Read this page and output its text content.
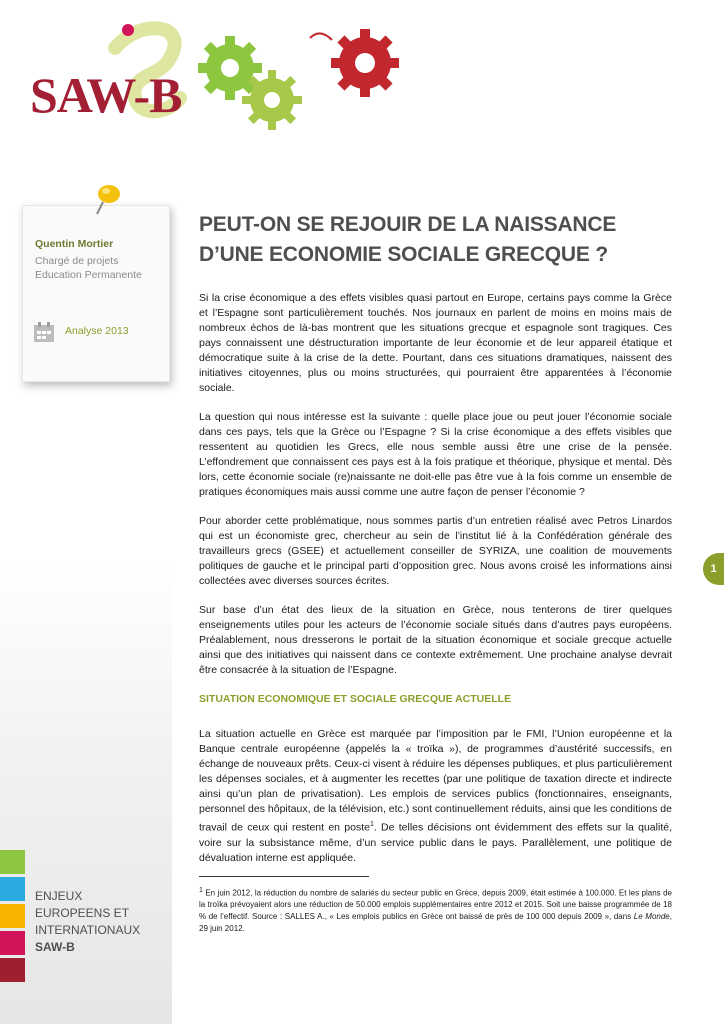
SAW-B
Quentin Mortier
Chargé de projets
Education Permanente
Analyse 2013
PEUT-ON SE REJOUIR DE LA NAISSANCE
D’UNE ECONOMIE SOCIALE GRECQUE ?

Si la crise économique a des effets visibles quasi partout en Europe, certains pays comme la Grèce et l’Espagne sont particulièrement touchés. Nos journaux en parlent de moins en moins mais de nombreux échos de là-bas montrent que les situations grecque et espagnole sont tragiques. Ces pays connaissent une déstructuration importante de leur économie et de leur appareil étatique et démocratique suite à la crise de la dette. Pourtant, dans ces situations dramatiques, naissent des initiatives citoyennes, plus ou moins structurées, qui pourraient être apparentées à l’économie sociale.

La question qui nous intéresse est la suivante : quelle place joue ou peut jouer l’économie sociale dans ces pays, tels que la Grèce ou l’Espagne ? Si la crise économique a des effets visibles que ressentent au quotidien les Grecs, elle nous semble aussi être une crise de la pensée. L’effondrement que connaissent ces pays est à la fois pratique et théorique, physique et mental. Dès lors, cette économie sociale (re)naissante ne doit-elle pas être vue à la fois comme un ensemble de pratiques économiques mais aussi comme une autre façon de penser l’économie ?

Pour aborder cette problématique, nous sommes partis d’un entretien réalisé avec Petros Linardos qui est un économiste grec, chercheur au sein de l’institut lié à la Confédération générale des travailleurs grecs (GSEE) et actuellement conseiller de SYRIZA, une coalition de mouvements politiques de gauche et le principal parti d’opposition grec. Nous avons croisé les informations ainsi collectées avec diverses sources écrites.

Sur base d’un état des lieux de la situation en Grèce, nous tenterons de tirer quelques enseignements utiles pour les acteurs de l’économie sociale situés dans d’autres pays européens. Préalablement, nous dresserons le portait de la situation économique et sociale grecque actuelle ainsi que des initiatives qui naissent dans ce contexte extrêmement. Une prochaine analyse devrait être consacrée à la situation de l’Espagne.

SITUATION ECONOMIQUE ET SOCIALE GRECQUE ACTUELLE

La situation actuelle en Grèce est marquée par l’imposition par le FMI, l’Union européenne et la Banque centrale européenne (appelés la « troïka »), de programmes d’austérité successifs, en échange de nouveaux prêts. Ceux-ci visent à réduire les dépenses publiques, et plus particulièrement les dépenses sociales, et à augmenter les recettes (par une politique de taxation directe et indirecte ainsi qu’un plan de privatisation). Les emplois de services publics (fonctionnaires, enseignants, personnel des hôpitaux, de la télévision, etc.) sont continuellement réduits, ainsi que les conditions de travail de ceux qui restent en poste$^1$. De telles décisions ont évidemment des effets sur la qualité, voire sur la subsistance même, d’un service public dans le pays. Parallèlement, une politique de dévaluation interne est appliquée.

$^1$ En juin 2012, la réduction du nombre de salariés du secteur public en Grèce, depuis 2009, était estimée à 100.000. Et les plans de la troïka prévoyaient alors une réduction de 50.000 emplois supplémentaires entre 2012 et 2015. Soit une baisse programmée de 18 % de l’effectif. Source : SALLES A., « Les emplois publics en Grèce ont baissé de près de 100 000 depuis 2009 », dans Le Monde, 29 juin 2012.

1
ENJEUX
EUROPEENS ET
INTERNATIONAUX
SAW-B
